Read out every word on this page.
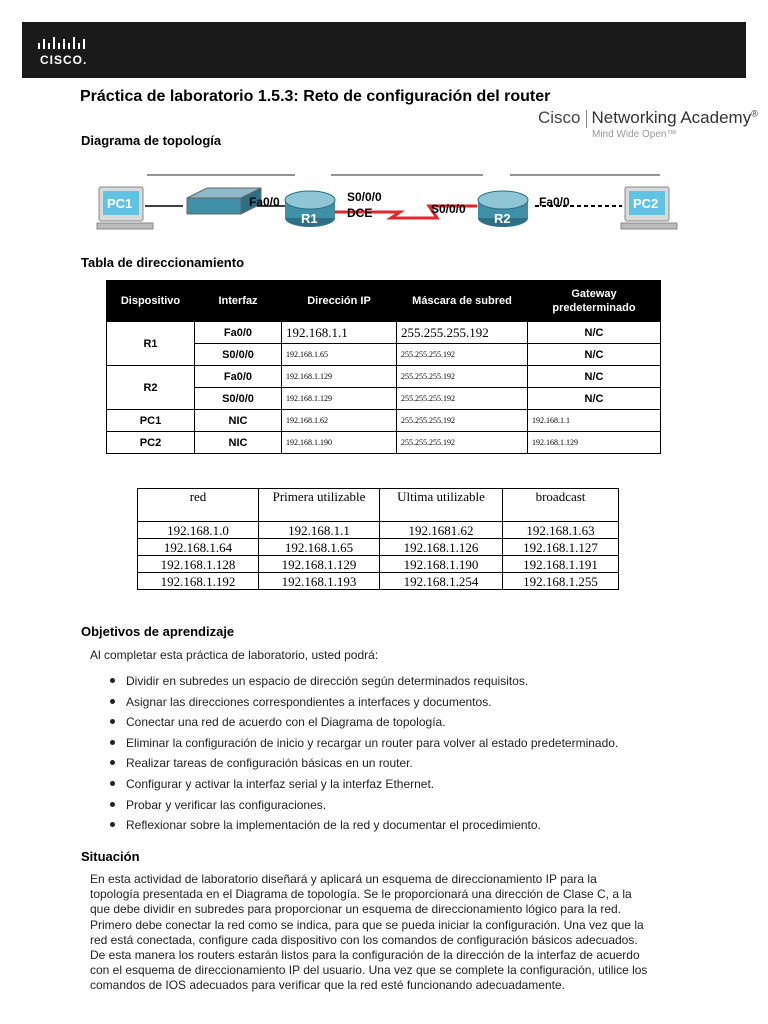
CISCO.
Práctica de laboratorio 1.5.3: Reto de configuración del router
Cisco Networking Academy®
Mind Wide Open™
Diagrama de topología
PC1
R1	R2
PC2
Fa0/0	S0/0/0
DCE	S0/0/0	Fa0/0
Tabla de direccionamiento
Dispositivo	Interfaz	Dirección IP	Máscara de subred	Gateway predeterminado
R1	Fa0/0	192.168.1.1	255.255.255.192	N/C
	S0/0/0	192.168.1.65	255.255.255.192	N/C
R2	Fa0/0	192.168.1.129	255.255.255.192	N/C
	S0/0/0	192.168.1.129	255.255.255.192	N/C
PC1	NIC	192.168.1.62	255.255.255.192	192.168.1.1
PC2	NIC	192.168.1.190	255.255.255.192	192.168.1.129
red	Primera utilizable	Ultima utilizable	broadcast
192.168.1.0	192.168.1.1	192.1681.62	192.168.1.63
192.168.1.64	192.168.1.65	192.168.1.126	192.168.1.127
192.168.1.128	192.168.1.129	192.168.1.190	192.168.1.191
192.168.1.192	192.168.1.193	192.168.1.254	192.168.1.255
Objetivos de aprendizaje
Al completar esta práctica de laboratorio, usted podrá:
Dividir en subredes un espacio de dirección según determinados requisitos.
Asignar las direcciones correspondientes a interfaces y documentos.
Conectar una red de acuerdo con el Diagrama de topología.
Eliminar la configuración de inicio y recargar un router para volver al estado predeterminado.
Realizar tareas de configuración básicas en un router.
Configurar y activar la interfaz serial y la interfaz Ethernet.
Probar y verificar las configuraciones.
Reflexionar sobre la implementación de la red y documentar el procedimiento.
Situación
En esta actividad de laboratorio diseñará y aplicará un esquema de direccionamiento IP para la
topología presentada en el Diagrama de topología. Se le proporcionará una dirección de Clase C, a la
que debe dividir en subredes para proporcionar un esquema de direccionamiento lógico para la red.
Primero debe conectar la red como se indica, para que se pueda iniciar la configuración. Una vez que la
red está conectada, configure cada dispositivo con los comandos de configuración básicos adecuados.
De esta manera los routers estarán listos para la configuración de la dirección de la interfaz de acuerdo
con el esquema de direccionamiento IP del usuario. Una vez que se complete la configuración, utilice los
comandos de IOS adecuados para verificar que la red esté funcionando adecuadamente.
